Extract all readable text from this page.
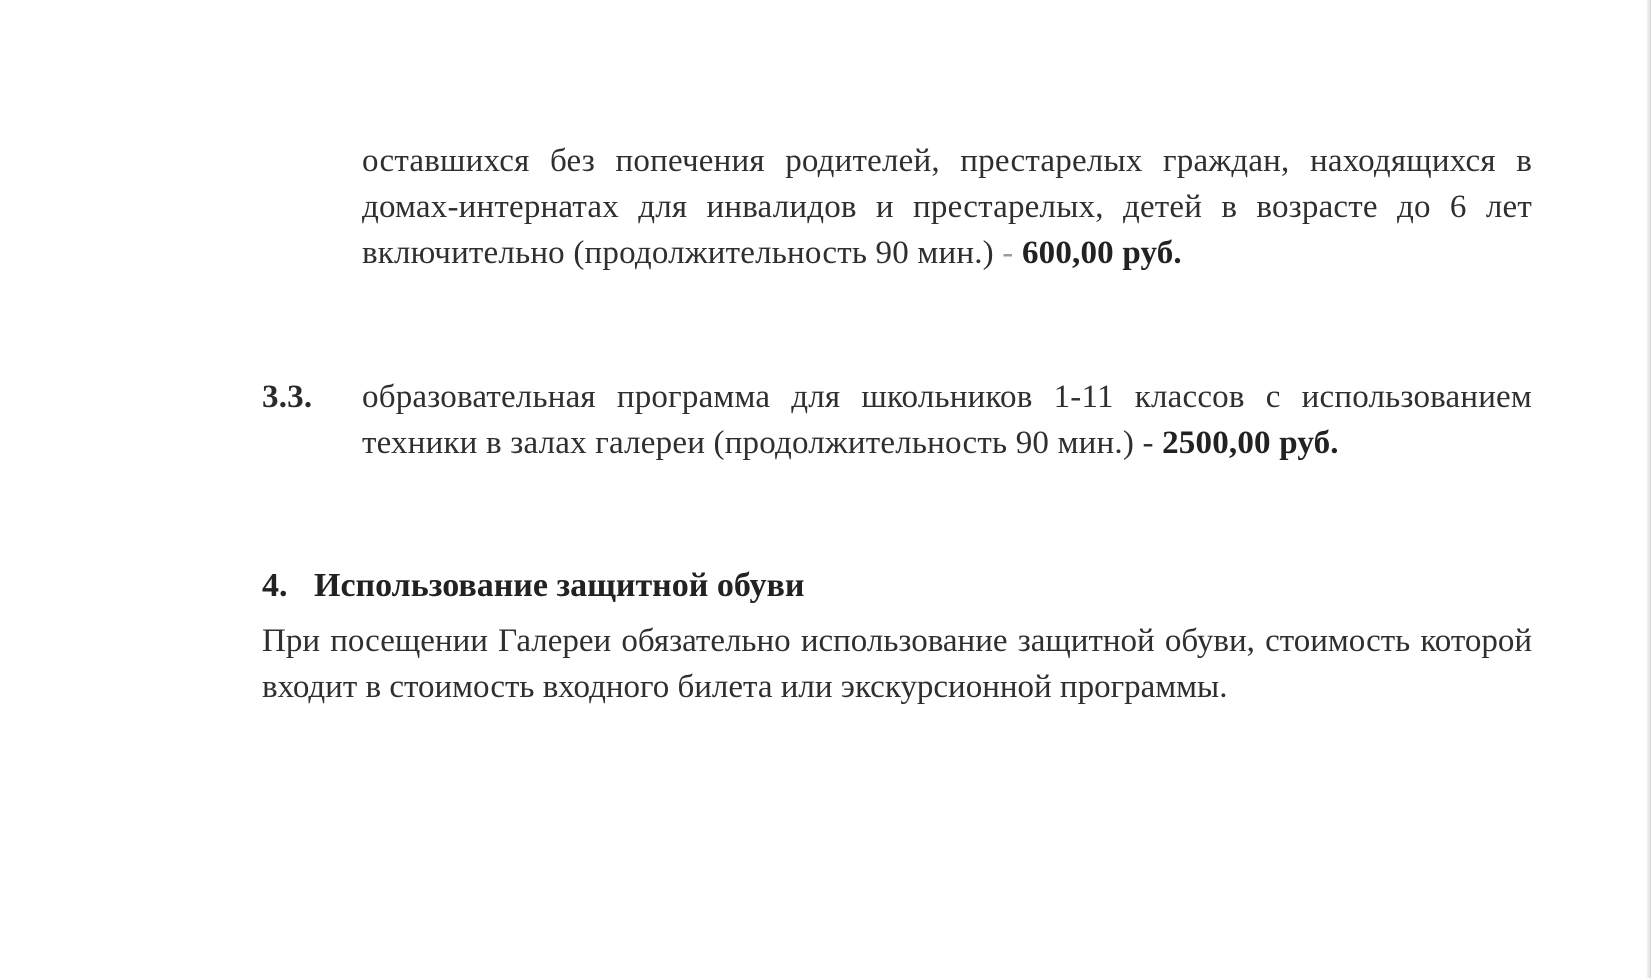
оставшихся без попечения родителей, престарелых граждан, находящихся в домах-интернатах для инвалидов и престарелых, детей в возрасте до 6 лет включительно (продолжительность 90 мин.) - 600,00 руб.
3.3. образовательная программа для школьников 1-11 классов с использованием техники в залах галереи (продолжительность 90 мин.) - 2500,00 руб.
4. Использование защитной обуви
При посещении Галереи обязательно использование защитной обуви, стоимость которой входит в стоимость входного билета или экскурсионной программы.
